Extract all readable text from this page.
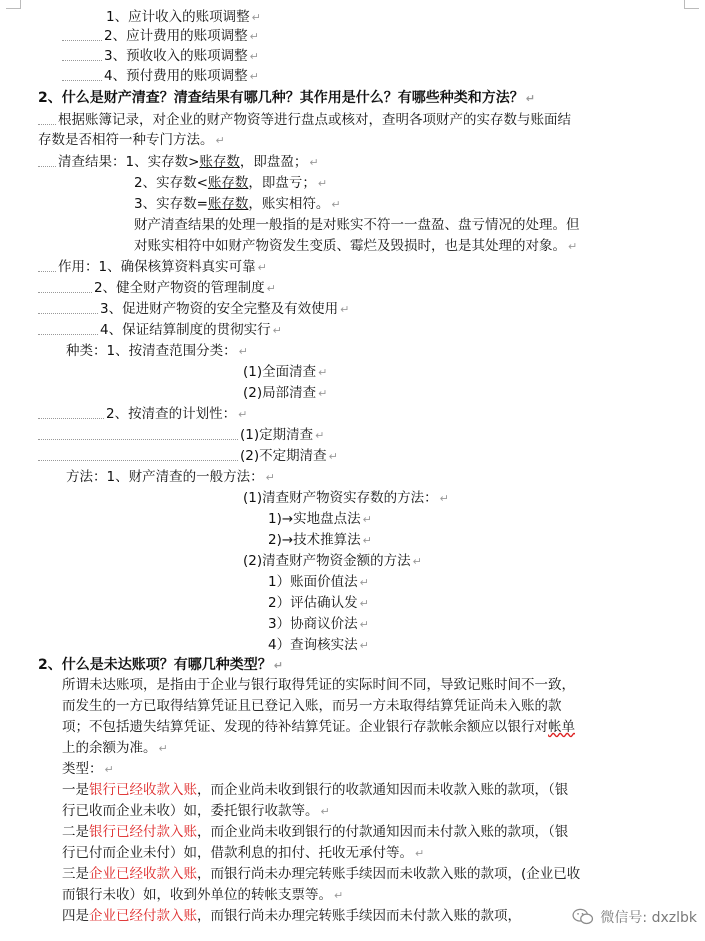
1、应计收入的账项调整 ↵
2、应计费用的账项调整 ↵
3、预收收入的账项调整 ↵
4、预付费用的账项调整 ↵
2、什么是财产清查？清查结果有哪几种？其作用是什么？有哪些种类和方法？ ↵
根据账簿记录，对企业的财产物资等进行盘点或核对，查明各项财产的实存数与账面结
存数是否相符一种专门方法。 ↵
清查结果：1、实存数>账存数，即盘盈； ↵
2、实存数<账存数，即盘亏； ↵
3、实存数=账存数，账实相符。 ↵
财产清查结果的处理一般指的是对账实不符一一盘盈、盘亏情况的处理。但
对账实相符中如财产物资发生变质、霉烂及毁损时，也是其处理的对象。 ↵
作用：1、确保核算资料真实可靠 ↵
2、健全财产物资的管理制度 ↵
3、促进财产物资的安全完整及有效使用 ↵
4、保证结算制度的贯彻实行 ↵
种类：1、按清查范围分类： ↵
(1)全面清查 ↵
(2)局部清查 ↵
2、按清查的计划性： ↵
(1)定期清查 ↵
(2)不定期清查 ↵
方法：1、财产清查的一般方法： ↵
(1)清查财产物资实存数的方法： ↵
1)→实地盘点法 ↵
2)→技术推算法 ↵
(2)清查财产物资金额的方法 ↵
1）账面价值法 ↵
2）评估确认发 ↵
3）协商议价法 ↵
4）查询核实法 ↵
2、什么是未达账项？有哪几种类型？ ↵
所谓未达账项，是指由于企业与银行取得凭证的实际时间不同，导致记账时间不一致，
而发生的一方已取得结算凭证且已登记入账，而另一方未取得结算凭证尚未入账的款
项；不包括遗失结算凭证、发现的待补结算凭证。企业银行存款帐余额应以银行对帐单
上的余额为准。 ↵
类型： ↵
一是银行已经收款入账，而企业尚未收到银行的收款通知因而未收款入账的款项，（银
行已收而企业未收）如，委托银行收款等。 ↵
二是银行已经付款入账，而企业尚未收到银行的付款通知因而未付款入账的款项，（银
行已付而企业未付）如，借款利息的扣付、托收无承付等。 ↵
三是企业已经收款入账，而银行尚未办理完转账手续因而未收款入账的款项，(企业已收
而银行未收）如，收到外单位的转帐支票等。 ↵
四是企业已经付款入账，而银行尚未办理完转账手续因而未付款入账的款项，	微信号: dxzlbk
